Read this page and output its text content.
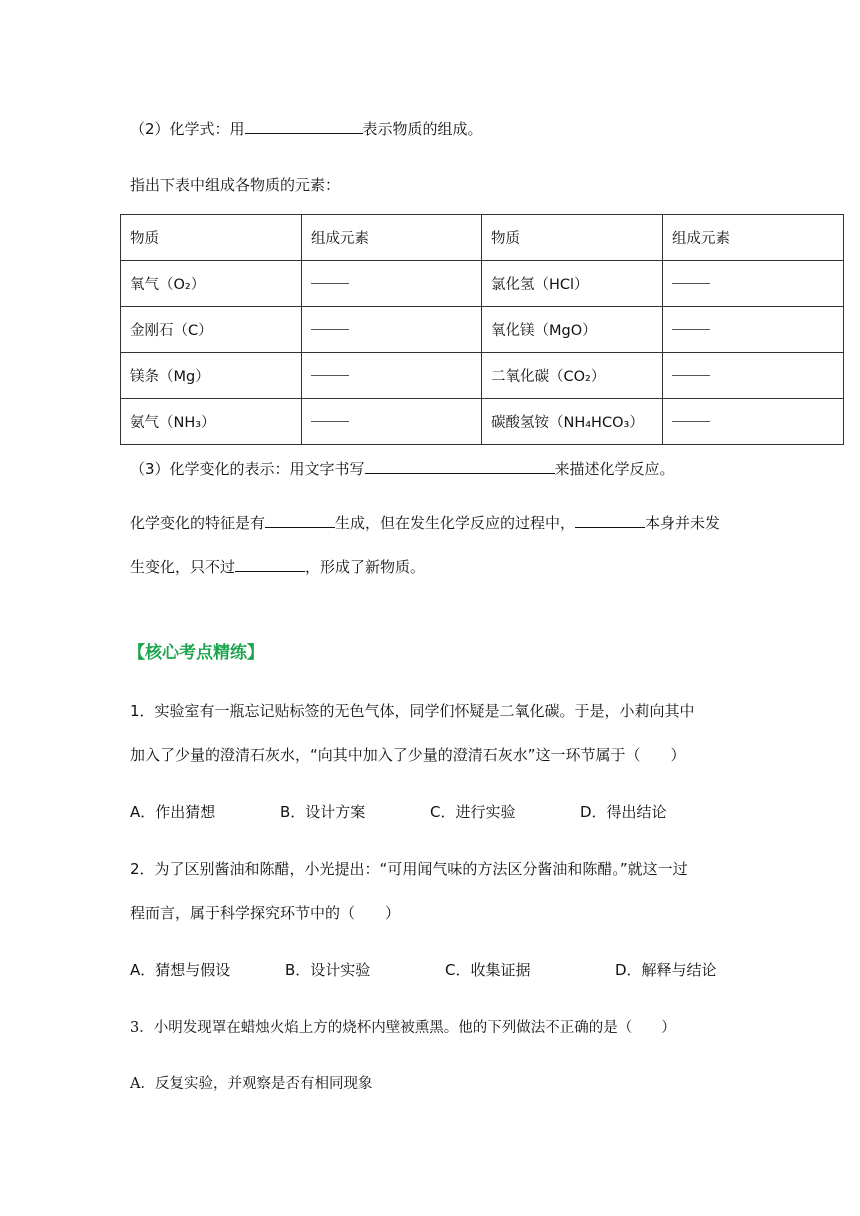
（2）化学式：用	表示物质的组成。
指出下表中组成各物质的元素：
物质	组成元素	物质	组成元素
氧气（O₂）		氯化氢（HCl）	
金刚石（C）		氧化镁（MgO）	
镁条（Mg）		二氧化碳（CO₂）	
氨气（NH₃）		碳酸氢铵（NH₄HCO₃）	
（3）化学变化的表示：用文字书写	来描述化学反应。
化学变化的特征是有	生成，但在发生化学反应的过程中，	本身并未发
生变化，只不过	，形成了新物质。
【核心考点精练】
1．实验室有一瓶忘记贴标签的无色气体，同学们怀疑是二氧化碳。于是，小莉向其中
加入了少量的澄清石灰水，“向其中加入了少量的澄清石灰水”这一环节属于（　　）
A．作出猜想	B．设计方案	C．进行实验	D．得出结论
2．为了区别酱油和陈醋，小光提出：“可用闻气味的方法区分酱油和陈醋。”就这一过
程而言，属于科学探究环节中的（　　）
A．猜想与假设	B．设计实验	C．收集证据	D．解释与结论
3．小明发现罩在蜡烛火焰上方的烧杯内壁被熏黑。他的下列做法不正确的是（　　）
A．反复实验，并观察是否有相同现象
